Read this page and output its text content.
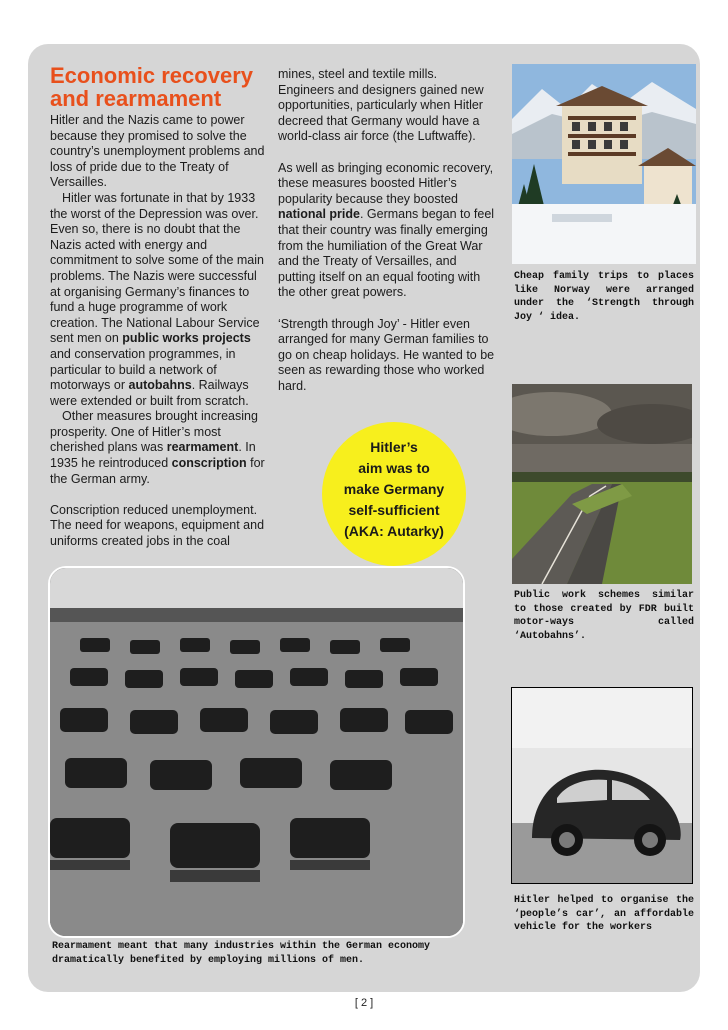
Economic recovery and rearmament

Hitler and the Nazis came to power because they promised to solve the country’s unemployment problems and loss of pride due to the Treaty of Versailles.

Hitler was fortunate in that by 1933 the worst of the Depression was over. Even so, there is no doubt that the Nazis acted with energy and commitment to solve some of the main problems. The Nazis were successful at organising Germany’s finances to fund a huge programme of work creation. The National Labour Service sent men on public works projects and conservation programmes, in particular to build a network of motorways or autobahns. Railways were extended or built from scratch.

Other measures brought increasing prosperity. One of Hitler’s most cherished plans was rearmament. In 1935 he reintroduced conscription for the German army.

Conscription reduced unemployment. The need for weapons, equipment and uniforms created jobs in the coal

mines, steel and textile mills. Engineers and designers gained new opportunities, particularly when Hitler decreed that Germany would have a world-class air force (the Luftwaffe).

As well as bringing economic recovery, these measures boosted Hitler’s popularity because they boosted national pride. Germans began to feel that their country was finally emerging from the humiliation of the Great War and the Treaty of Versailles, and putting itself on an equal footing with the other great powers.

‘Strength through Joy’ - Hitler even arranged for many German families to go on cheap holidays. He wanted to be seen as rewarding those who worked hard.

Cheap family trips to places like Norway were arranged under the ‘Strength through Joy ‘ idea.

Public work schemes similar to those created by FDR built motor-ways called ‘Autobahns’.

Hitler helped to organise the ‘people’s car’, an affordable vehicle for the workers

Rearmament meant that many industries within the German economy dramatically benefited by employing millions of men.

Hitler’s
aim was to
make Germany
self-sufficient
(AKA: Autarky)

[ 2 ]
